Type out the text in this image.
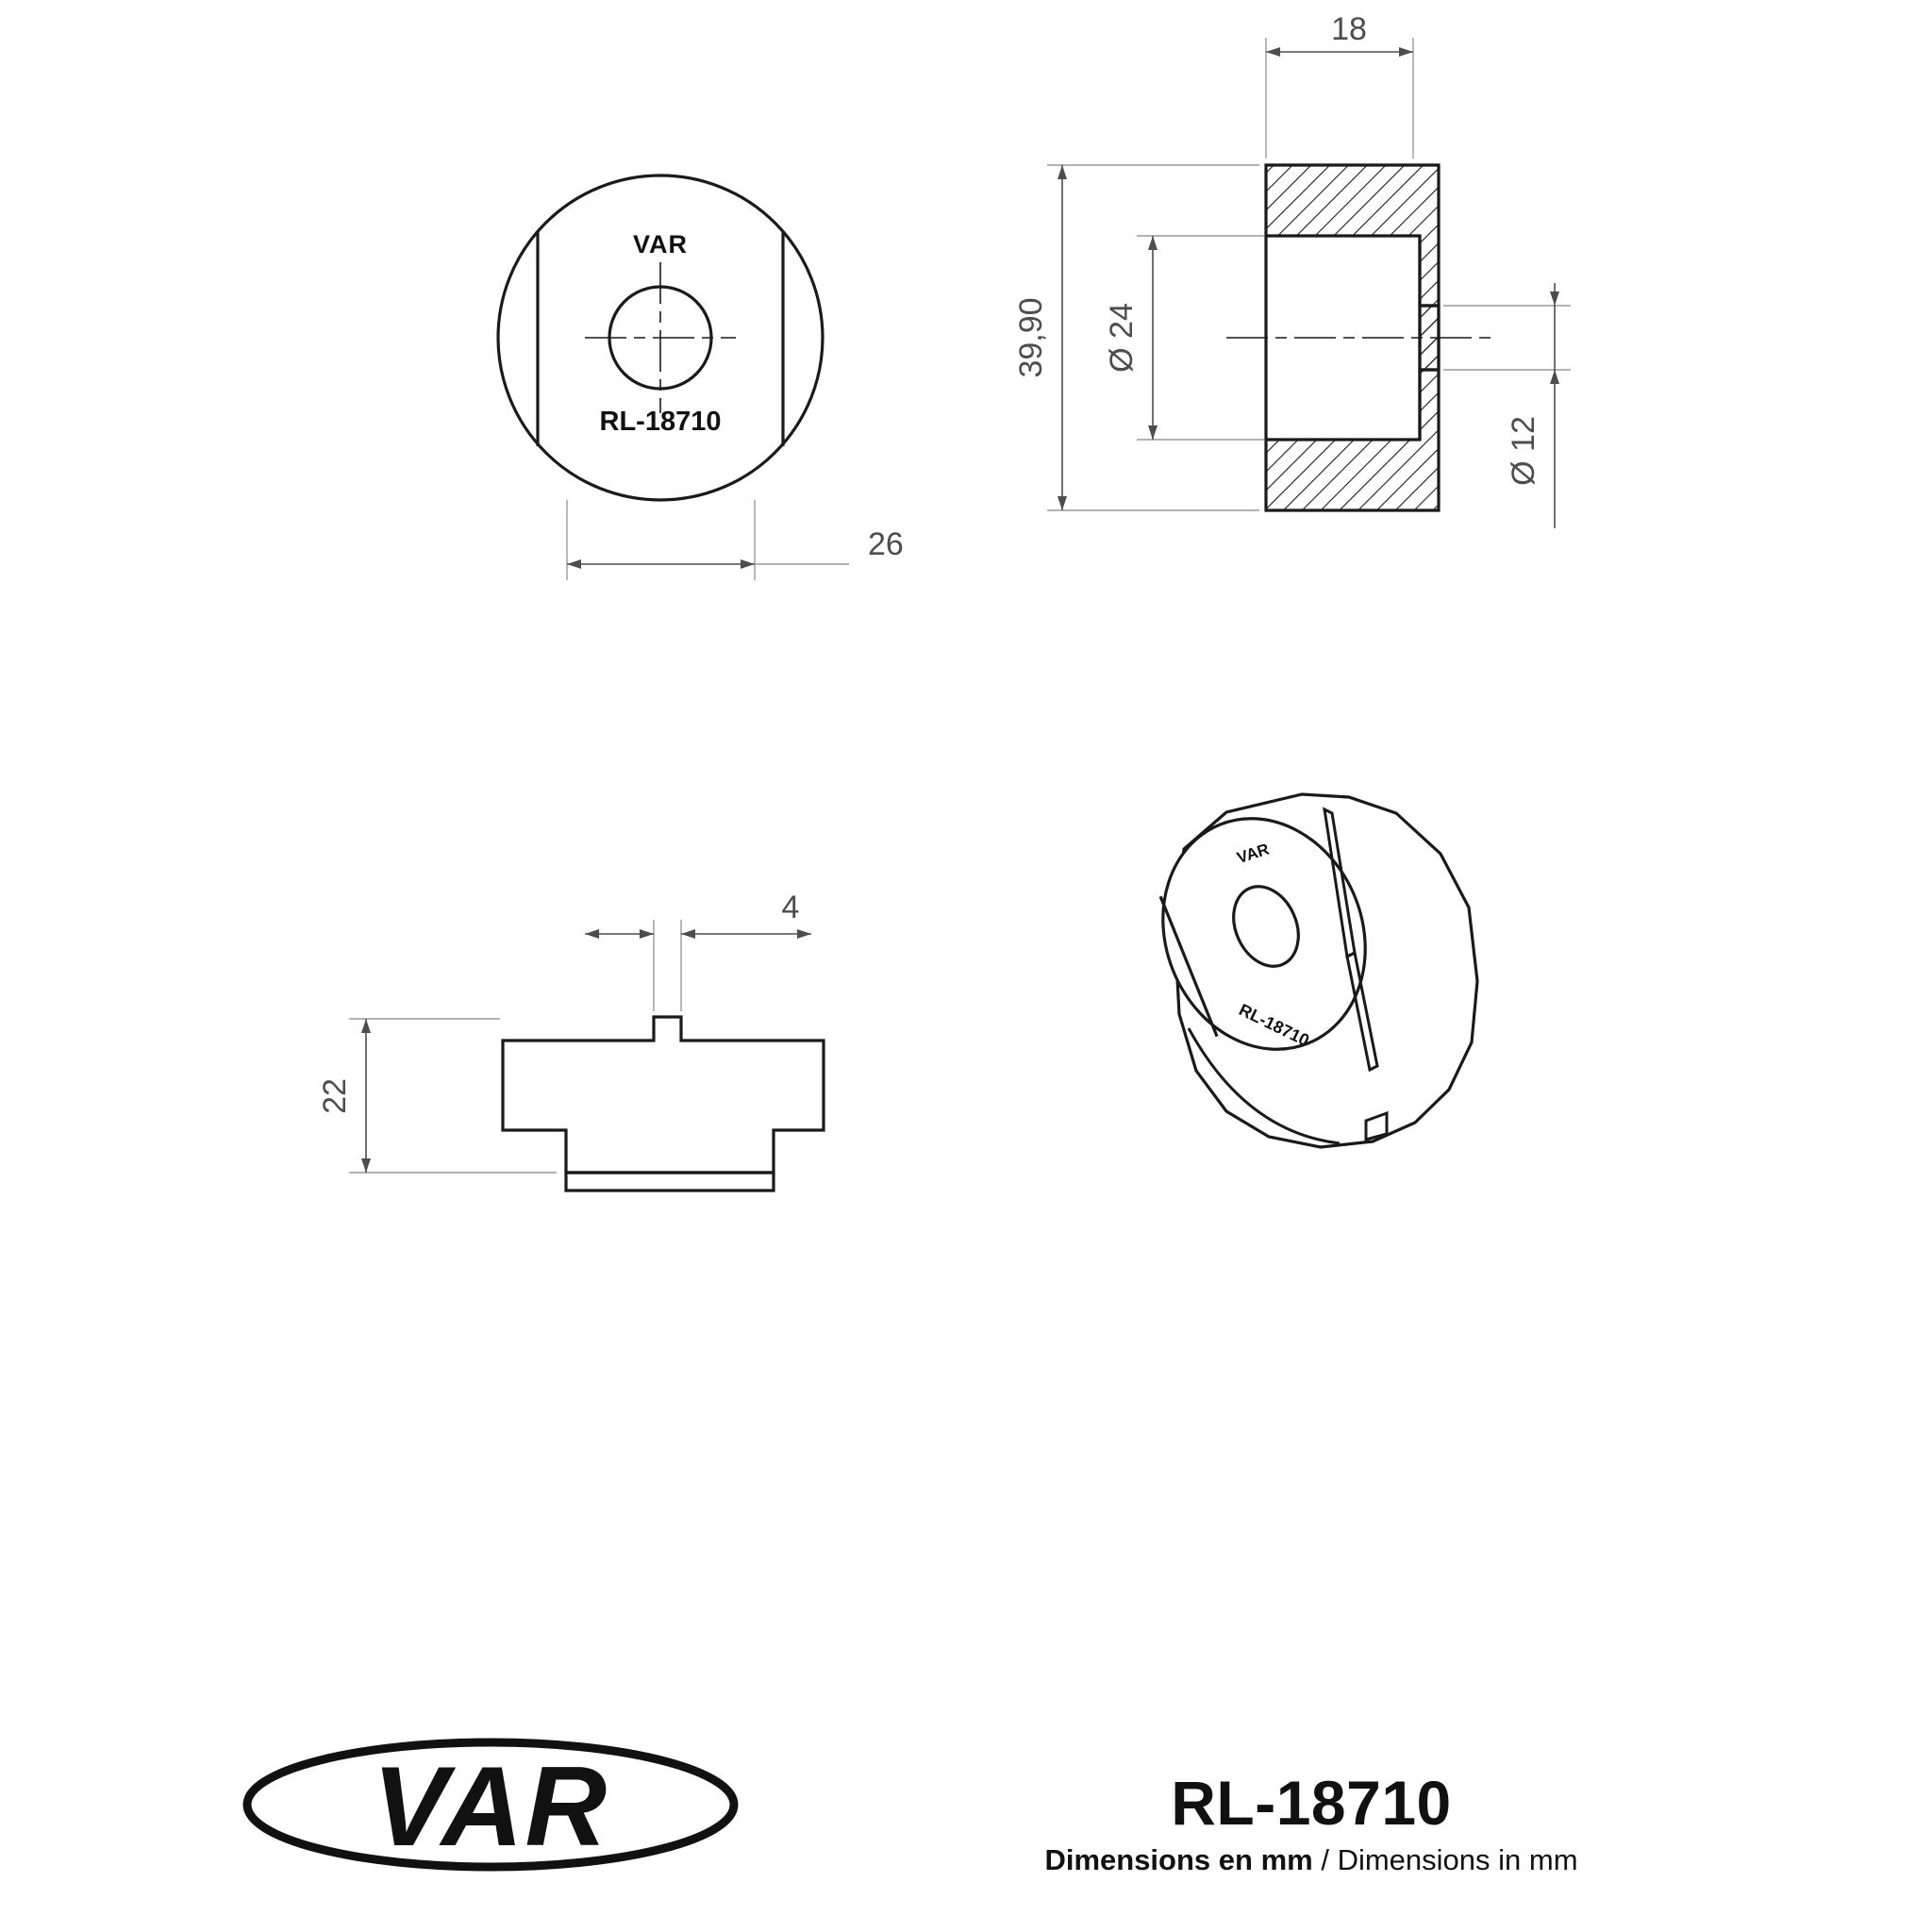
18
39,90 Ø 24
Ø 12
26
4
22
VAR
RL-18710
VAR
RL-18710
VAR	RL-18710
Dimensions en mm / Dimensions in mm
